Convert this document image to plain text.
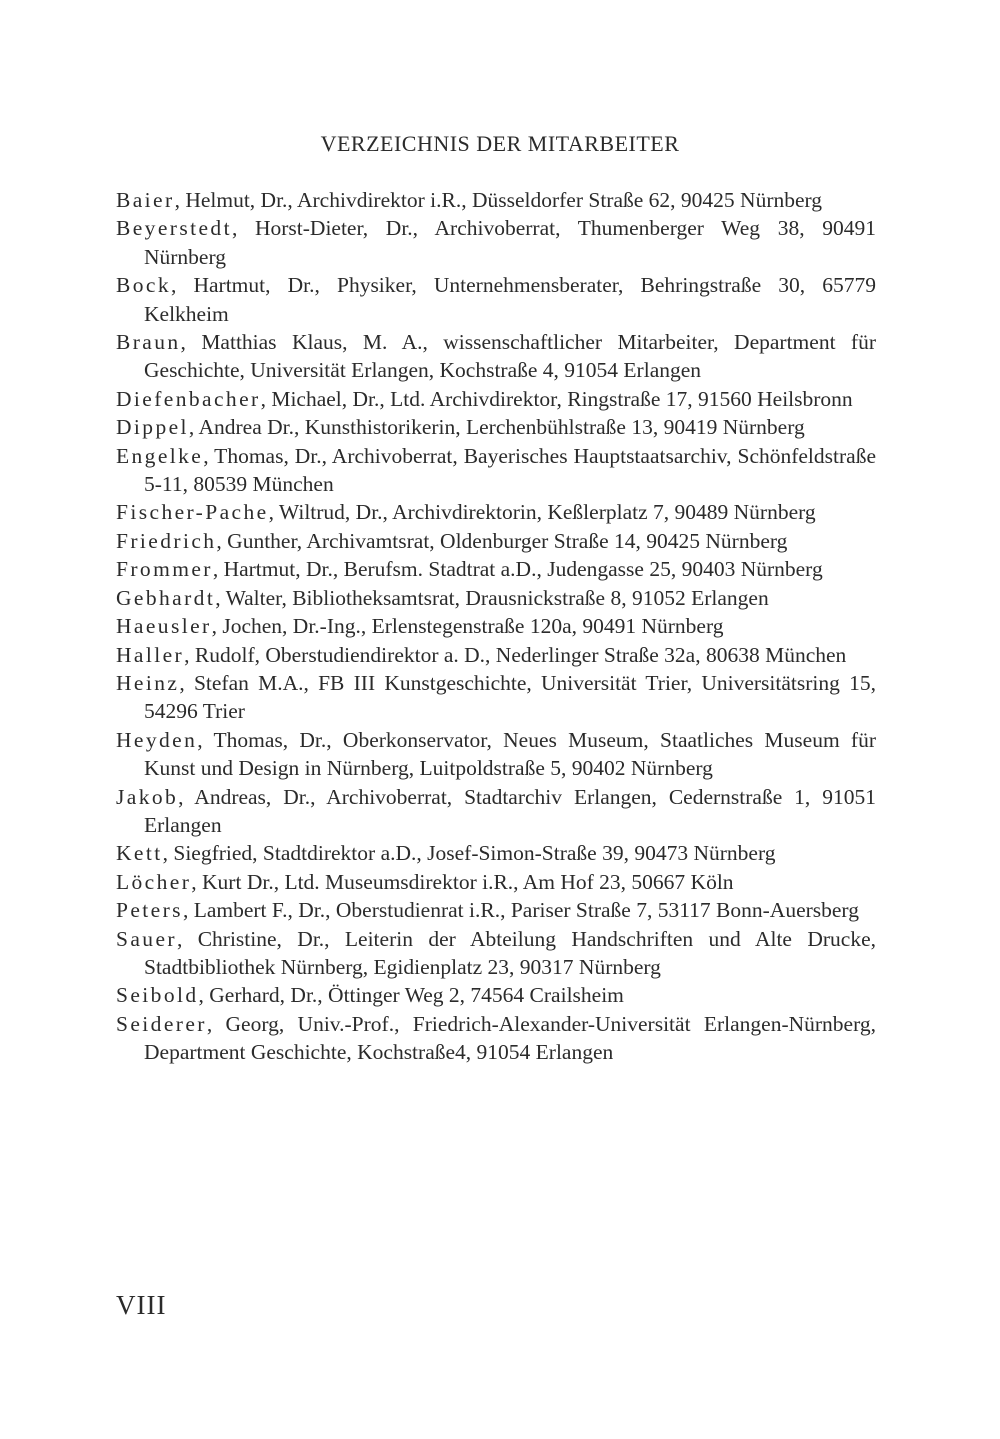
VERZEICHNIS DER MITARBEITER
Baier, Helmut, Dr., Archivdirektor i.R., Düsseldorfer Straße 62, 90425 Nürnberg
Beyerstedt, Horst-Dieter, Dr., Archivoberrat, Thumenberger Weg 38, 90491 Nürnberg
Bock, Hartmut, Dr., Physiker, Unternehmensberater, Behringstraße 30, 65779 Kelkheim
Braun, Matthias Klaus, M. A., wissenschaftlicher Mitarbeiter, Department für Geschichte, Universität Erlangen, Kochstraße 4, 91054 Erlangen
Diefenbacher, Michael, Dr., Ltd. Archivdirektor, Ringstraße 17, 91560 Heilsbronn
Dippel, Andrea Dr., Kunsthistorikerin, Lerchenbühlstraße 13, 90419 Nürnberg
Engelke, Thomas, Dr., Archivoberrat, Bayerisches Hauptstaatsarchiv, Schönfeldstraße 5-11, 80539 München
Fischer-Pache, Wiltrud, Dr., Archivdirektorin, Keßlerplatz 7, 90489 Nürnberg
Friedrich, Gunther, Archivamtsrat, Oldenburger Straße 14, 90425 Nürnberg
Frommer, Hartmut, Dr., Berufsm. Stadtrat a.D., Judengasse 25, 90403 Nürnberg
Gebhardt, Walter, Bibliotheksamtsrat, Drausnickstraße 8, 91052 Erlangen
Haeusler, Jochen, Dr.-Ing., Erlenstegenstraße 120a, 90491 Nürnberg
Haller, Rudolf, Oberstudiendirektor a. D., Nederlinger Straße 32a, 80638 München
Heinz, Stefan M.A., FB III Kunstgeschichte, Universität Trier, Universitätsring 15, 54296 Trier
Heyden, Thomas, Dr., Oberkonservator, Neues Museum, Staatliches Museum für Kunst und Design in Nürnberg, Luitpoldstraße 5, 90402 Nürnberg
Jakob, Andreas, Dr., Archivoberrat, Stadtarchiv Erlangen, Cedernstraße 1, 91051 Erlangen
Kett, Siegfried, Stadtdirektor a.D., Josef-Simon-Straße 39, 90473 Nürnberg
Löcher, Kurt Dr., Ltd. Museumsdirektor i.R., Am Hof 23, 50667 Köln
Peters, Lambert F., Dr., Oberstudienrat i.R., Pariser Straße 7, 53117 Bonn-Auersberg
Sauer, Christine, Dr., Leiterin der Abteilung Handschriften und Alte Drucke, Stadtbibliothek Nürnberg, Egidienplatz 23, 90317 Nürnberg
Seibold, Gerhard, Dr., Öttinger Weg 2, 74564 Crailsheim
Seiderer, Georg, Univ.-Prof., Friedrich-Alexander-Universität Erlangen-Nürnberg, Department Geschichte, Kochstraße4, 91054 Erlangen
VIII
